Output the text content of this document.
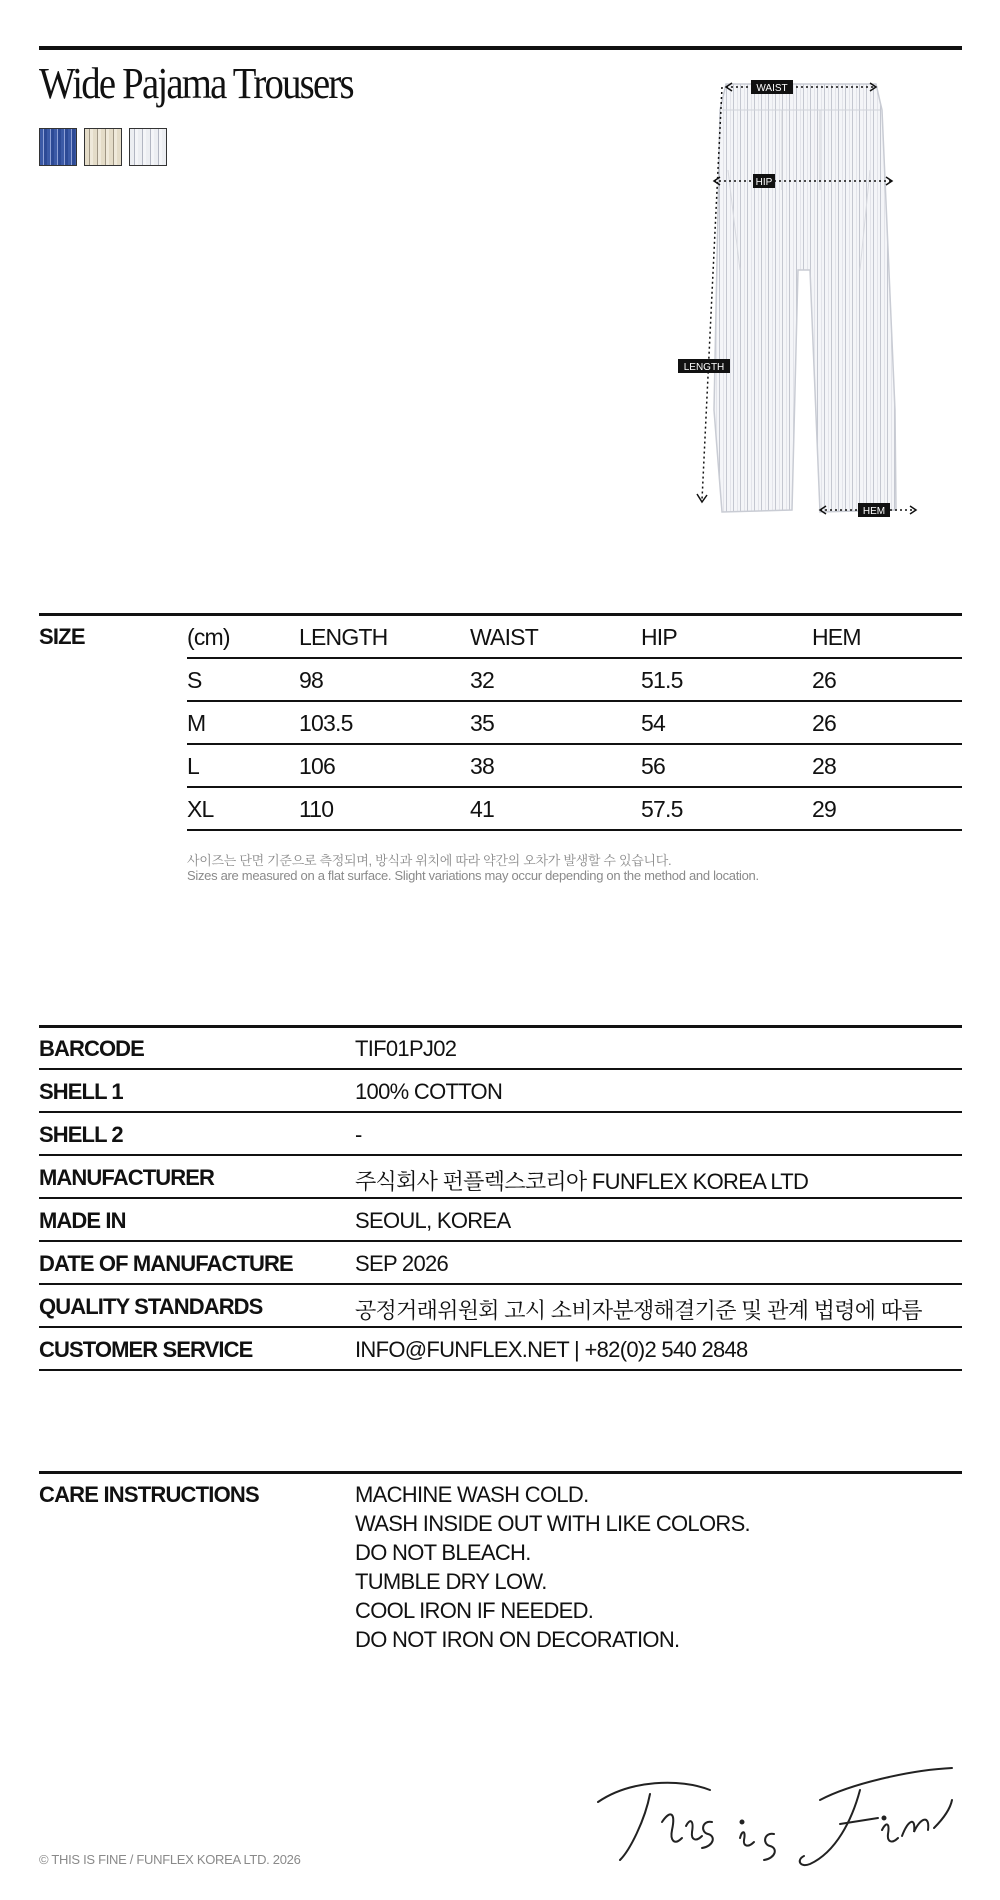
Wide Pajama Trousers	WAIST
HIP
LENGTH
HEM
SIZE	(cm)	LENGTH	WAIST	HIP	HEM
S	98	32	51.5	26
M	103.5	35	54	26
L	106	38	56	28
XL	110	41	57.5	29
사이즈는 단면 기준으로 측정되며, 방식과 위치에 따라 약간의 오차가 발생할 수 있습니다.
Sizes are measured on a flat surface. Slight variations may occur depending on the method and location.
BARCODE	TIF01PJ02
SHELL 1	100% COTTON
SHELL 2	-
MANUFACTURER	주식회사 펀플렉스코리아 FUNFLEX KOREA LTD
MADE IN	SEOUL, KOREA
DATE OF MANUFACTURE	SEP 2026
QUALITY STANDARDS	공정거래위원회 고시 소비자분쟁해결기준 및 관계 법령에 따름
CUSTOMER SERVICE	INFO@FUNFLEX.NET | +82(0)2 540 2848
CARE INSTRUCTIONS	MACHINE WASH COLD.
WASH INSIDE OUT WITH LIKE COLORS.
DO NOT BLEACH.
TUMBLE DRY LOW.
COOL IRON IF NEEDED.
DO NOT IRON ON DECORATION.
© THIS IS FINE / FUNFLEX KOREA LTD. 2026
